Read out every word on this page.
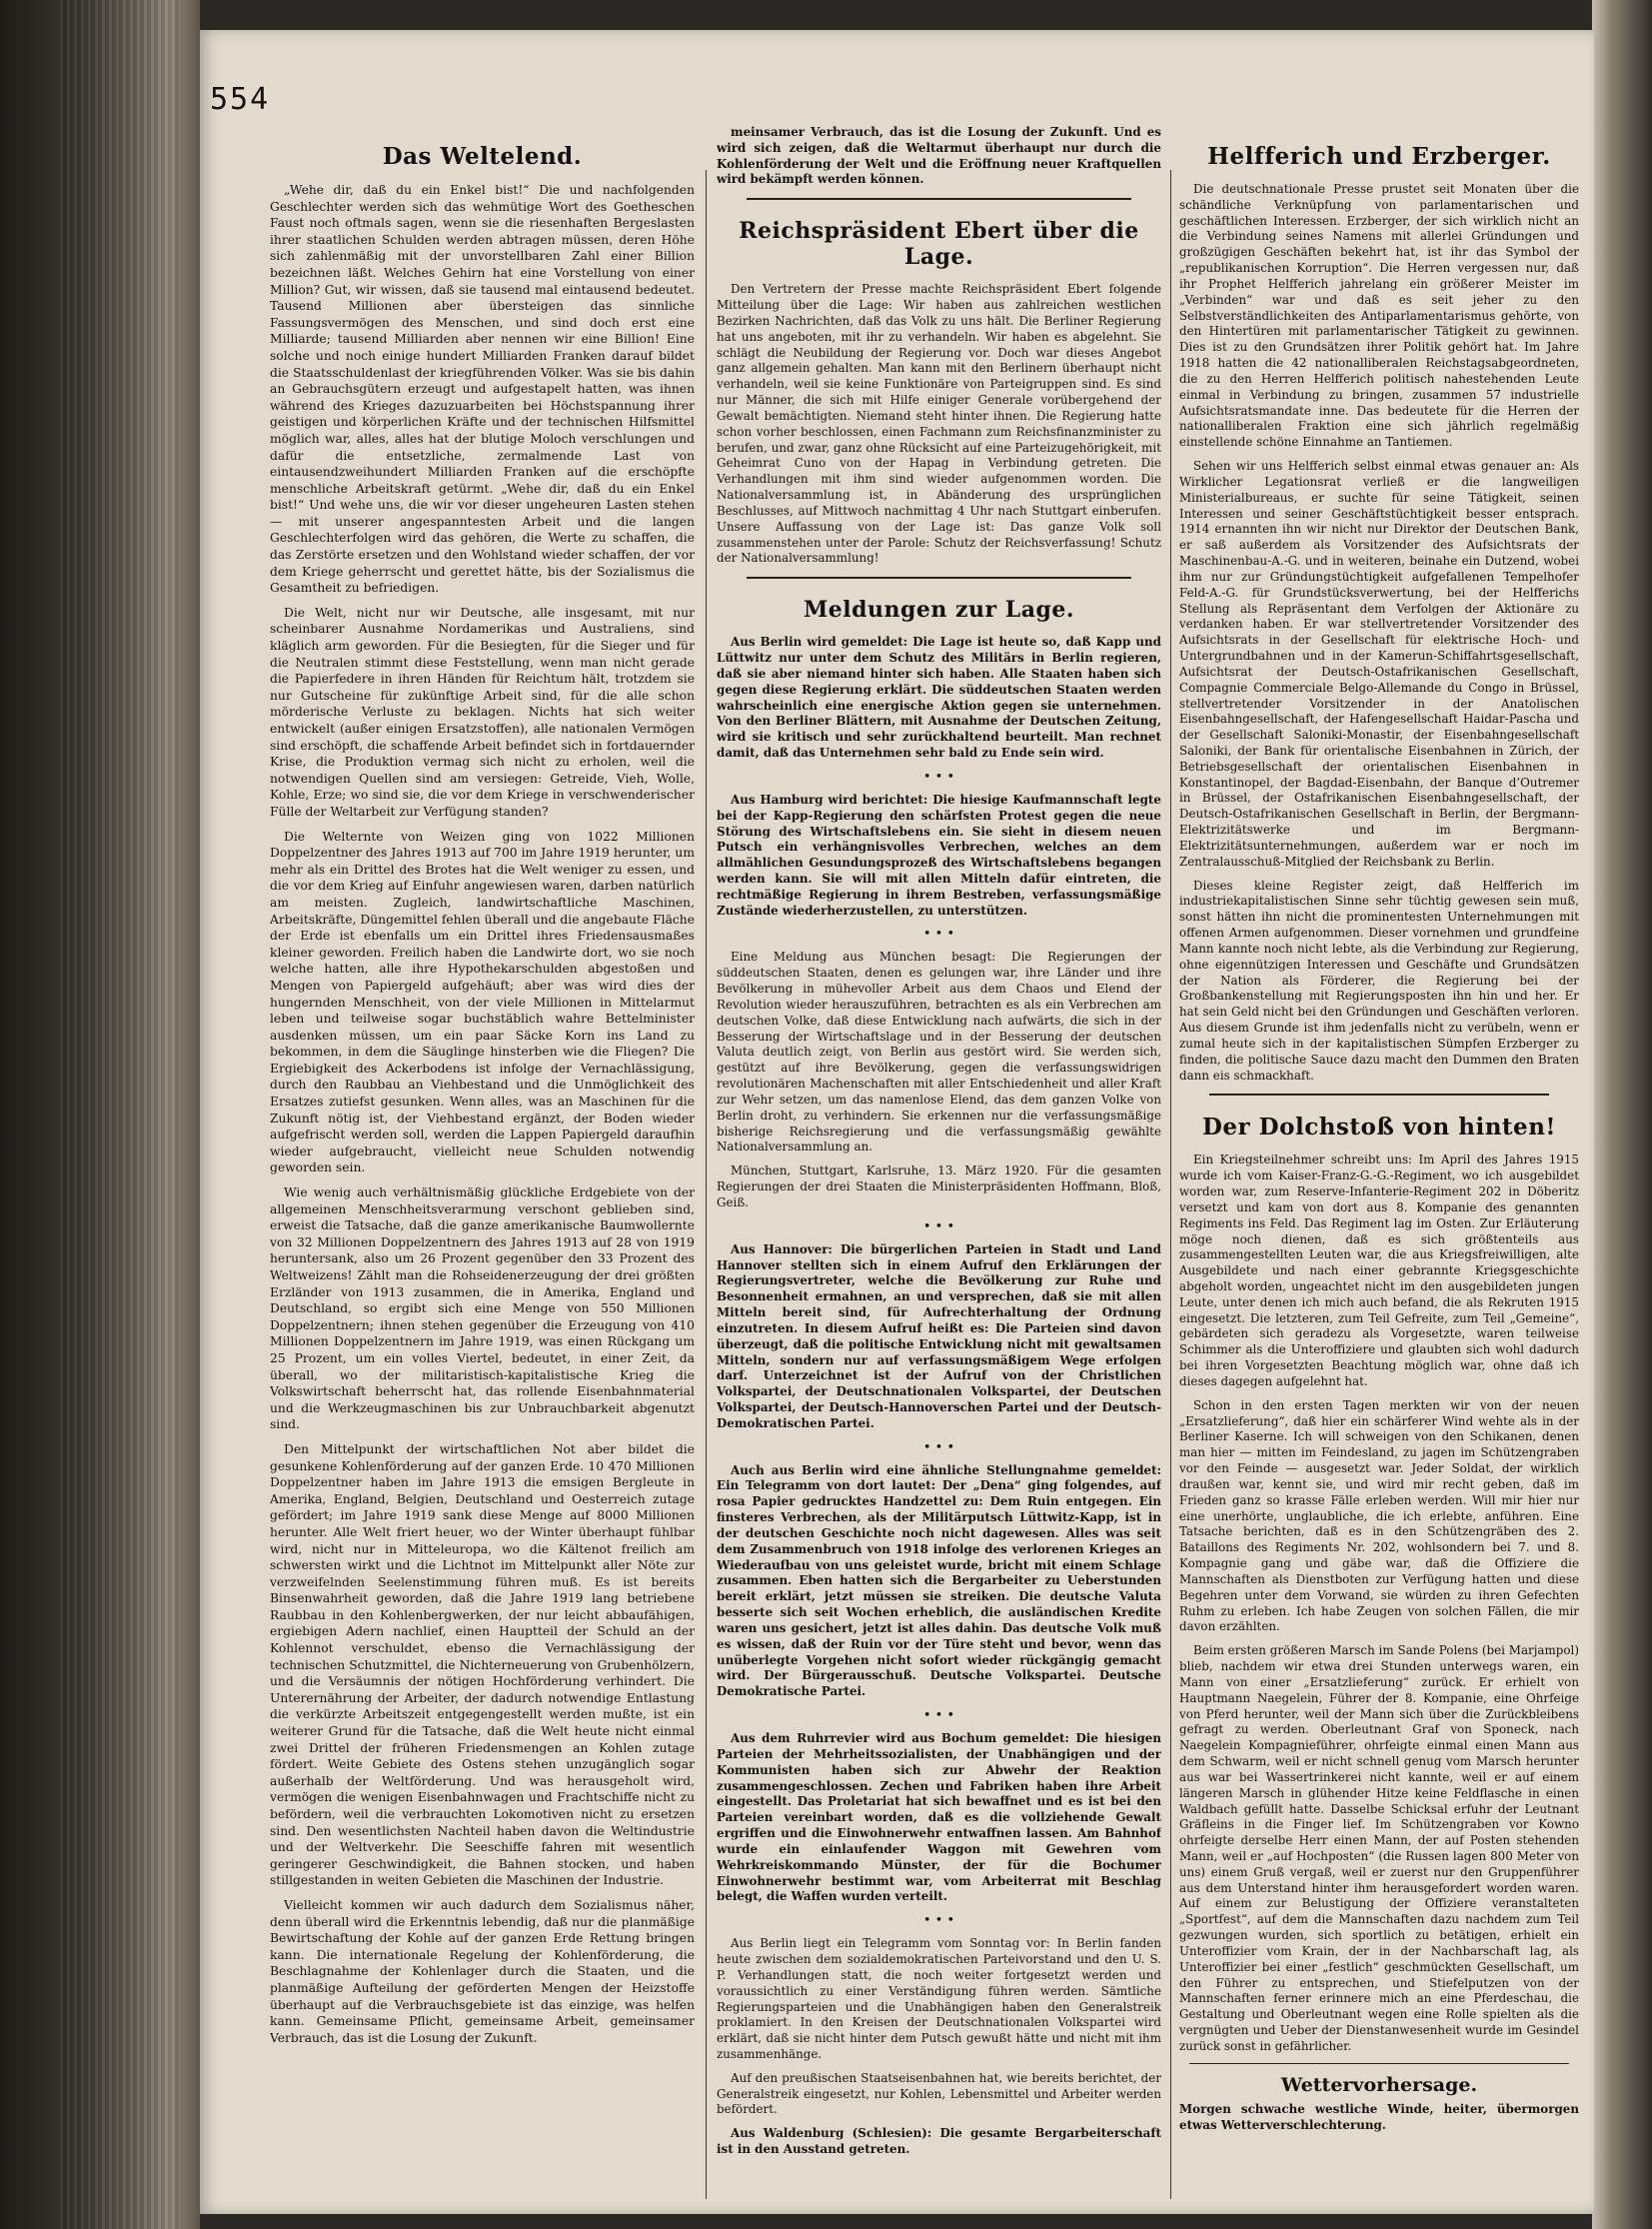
554
Das Weltelend.

„Wehe dir, daß du ein Enkel bist!“ Die und nachfolgenden Geschlechter werden sich das wehmütige Wort des Goetheschen Faust noch oftmals sagen, wenn sie die riesenhaften Bergeslasten ihrer staatlichen Schulden werden abtragen müssen, deren Höhe sich zahlenmäßig mit der unvorstellbaren Zahl einer Billion bezeichnen läßt. Welches Gehirn hat eine Vorstellung von einer Million? Gut, wir wissen, daß sie tausend mal eintausend bedeutet. Tausend Millionen aber übersteigen das sinnliche Fassungsvermögen des Menschen, und sind doch erst eine Milliarde; tausend Milliarden aber nennen wir eine Billion! Eine solche und noch einige hundert Milliarden Franken darauf bildet die Staatsschuldenlast der kriegführenden Völker. Was sie bis dahin an Gebrauchsgütern erzeugt und aufgestapelt hatten, was ihnen während des Krieges dazuzuarbeiten bei Höchstspannung ihrer geistigen und körperlichen Kräfte und der technischen Hilfsmittel möglich war, alles, alles hat der blutige Moloch verschlungen und dafür die entsetzliche, zermalmende Last von eintausendzweihundert Milliarden Franken auf die erschöpfte menschliche Arbeitskraft getürmt. „Wehe dir, daß du ein Enkel bist!“ Und wehe uns, die wir vor dieser ungeheuren Lasten stehen — mit unserer angespanntesten Arbeit und die langen Geschlechterfolgen wird das gehören, die Werte zu schaffen, die das Zerstörte ersetzen und den Wohlstand wieder schaffen, der vor dem Kriege geherrscht und gerettet hätte, bis der Sozialismus die Gesamtheit zu befriedigen.

Die Welt, nicht nur wir Deutsche, alle insgesamt, mit nur scheinbarer Ausnahme Nordamerikas und Australiens, sind kläglich arm geworden. Für die Besiegten, für die Sieger und für die Neutralen stimmt diese Feststellung, wenn man nicht gerade die Papierfedere in ihren Händen für Reichtum hält, trotzdem sie nur Gutscheine für zukünftige Arbeit sind, für die alle schon mörderische Verluste zu beklagen. Nichts hat sich weiter entwickelt (außer einigen Ersatzstoffen), alle nationalen Vermögen sind erschöpft, die schaffende Arbeit befindet sich in fortdauernder Krise, die Produktion vermag sich nicht zu erholen, weil die notwendigen Quellen sind am versiegen: Getreide, Vieh, Wolle, Kohle, Erze; wo sind sie, die vor dem Kriege in verschwenderischer Fülle der Weltarbeit zur Verfügung standen?

Die Welternte von Weizen ging von 1022 Millionen Doppelzentner des Jahres 1913 auf 700 im Jahre 1919 herunter, um mehr als ein Drittel des Brotes hat die Welt weniger zu essen, und die vor dem Krieg auf Einfuhr angewiesen waren, darben natürlich am meisten. Zugleich, landwirtschaftliche Maschinen, Arbeitskräfte, Düngemittel fehlen überall und die angebaute Fläche der Erde ist ebenfalls um ein Drittel ihres Friedensausmaßes kleiner geworden. Freilich haben die Landwirte dort, wo sie noch welche hatten, alle ihre Hypothekarschulden abgestoßen und Mengen von Papiergeld aufgehäuft; aber was wird dies der hungernden Menschheit, von der viele Millionen in Mittelarmut leben und teilweise sogar buchstäblich wahre Bettelminister ausdenken müssen, um ein paar Säcke Korn ins Land zu bekommen, in dem die Säuglinge hinsterben wie die Fliegen? Die Ergiebigkeit des Ackerbodens ist infolge der Vernachlässigung, durch den Raubbau an Viehbestand und die Unmöglichkeit des Ersatzes zutiefst gesunken. Wenn alles, was an Maschinen für die Zukunft nötig ist, der Viehbestand ergänzt, der Boden wieder aufgefrischt werden soll, werden die Lappen Papiergeld daraufhin wieder aufgebraucht, vielleicht neue Schulden notwendig geworden sein.

Wie wenig auch verhältnismäßig glückliche Erdgebiete von der allgemeinen Menschheitsverarmung verschont geblieben sind, erweist die Tatsache, daß die ganze amerikanische Baumwollernte von 32 Millionen Doppelzentnern des Jahres 1913 auf 28 von 1919 heruntersank, also um 26 Prozent gegenüber den 33 Prozent des Weltweizens! Zählt man die Rohseidenerzeugung der drei größten Erzländer von 1913 zusammen, die in Amerika, England und Deutschland, so ergibt sich eine Menge von 550 Millionen Doppelzentnern; ihnen stehen gegenüber die Erzeugung von 410 Millionen Doppelzentnern im Jahre 1919, was einen Rückgang um 25 Prozent, um ein volles Viertel, bedeutet, in einer Zeit, da überall, wo der militaristisch-kapitalistische Krieg die Volkswirtschaft beherrscht hat, das rollende Eisenbahnmaterial und die Werkzeugmaschinen bis zur Unbrauchbarkeit abgenutzt sind.

Den Mittelpunkt der wirtschaftlichen Not aber bildet die gesunkene Kohlenförderung auf der ganzen Erde. 10 470 Millionen Doppelzentner haben im Jahre 1913 die emsigen Bergleute in Amerika, England, Belgien, Deutschland und Oesterreich zutage gefördert; im Jahre 1919 sank diese Menge auf 8000 Millionen herunter. Alle Welt friert heuer, wo der Winter überhaupt fühlbar wird, nicht nur in Mitteleuropa, wo die Kältenot freilich am schwersten wirkt und die Lichtnot im Mittelpunkt aller Nöte zur verzweifelnden Seelenstimmung führen muß. Es ist bereits Binsenwahrheit geworden, daß die Jahre 1919 lang betriebene Raubbau in den Kohlenbergwerken, der nur leicht abbaufähigen, ergiebigen Adern nachlief, einen Hauptteil der Schuld an der Kohlennot verschuldet, ebenso die Vernachlässigung der technischen Schutzmittel, die Nichterneuerung von Grubenhölzern, und die Versäumnis der nötigen Hochförderung verhindert. Die Unterernährung der Arbeiter, der dadurch notwendige Entlastung die verkürzte Arbeitszeit entgegengestellt werden mußte, ist ein weiterer Grund für die Tatsache, daß die Welt heute nicht einmal zwei Drittel der früheren Friedensmengen an Kohlen zutage fördert. Weite Gebiete des Ostens stehen unzugänglich sogar außerhalb der Weltförderung. Und was herausgeholt wird, vermögen die wenigen Eisenbahnwagen und Frachtschiffe nicht zu befördern, weil die verbrauchten Lokomotiven nicht zu ersetzen sind. Den wesentlichsten Nachteil haben davon die Weltindustrie und der Weltverkehr. Die Seeschiffe fahren mit wesentlich geringerer Geschwindigkeit, die Bahnen stocken, und haben stillgestanden in weiten Gebieten die Maschinen der Industrie.

Vielleicht kommen wir auch dadurch dem Sozialismus näher, denn überall wird die Erkenntnis lebendig, daß nur die planmäßige Bewirtschaftung der Kohle auf der ganzen Erde Rettung bringen kann. Die internationale Regelung der Kohlenförderung, die Beschlagnahme der Kohlenlager durch die Staaten, und die planmäßige Aufteilung der geförderten Mengen der Heizstoffe überhaupt auf die Verbrauchsgebiete ist das einzige, was helfen kann. Gemeinsame Pflicht, gemeinsame Arbeit, gemeinsamer Verbrauch, das ist die Losung der Zukunft.

meinsamer Verbrauch, das ist die Losung der Zukunft. Und es wird sich zeigen, daß die Weltarmut überhaupt nur durch die Kohlenförderung der Welt und die Eröffnung neuer Kraftquellen wird bekämpft werden können.

Reichspräsident Ebert über die Lage.

Den Vertretern der Presse machte Reichspräsident Ebert folgende Mitteilung über die Lage: Wir haben aus zahlreichen westlichen Bezirken Nachrichten, daß das Volk zu uns hält. Die Berliner Regierung hat uns angeboten, mit ihr zu verhandeln. Wir haben es abgelehnt. Sie schlägt die Neubildung der Regierung vor. Doch war dieses Angebot ganz allgemein gehalten. Man kann mit den Berlinern überhaupt nicht verhandeln, weil sie keine Funktionäre von Parteigruppen sind. Es sind nur Männer, die sich mit Hilfe einiger Generale vorübergehend der Gewalt bemächtigten. Niemand steht hinter ihnen. Die Regierung hatte schon vorher beschlossen, einen Fachmann zum Reichsfinanzminister zu berufen, und zwar, ganz ohne Rücksicht auf eine Parteizugehörigkeit, mit Geheimrat Cuno von der Hapag in Verbindung getreten. Die Verhandlungen mit ihm sind wieder aufgenommen worden. Die Nationalversammlung ist, in Abänderung des ursprünglichen Beschlusses, auf Mittwoch nachmittag 4 Uhr nach Stuttgart einberufen. Unsere Auffassung von der Lage ist: Das ganze Volk soll zusammenstehen unter der Parole: Schutz der Reichsverfassung! Schutz der Nationalversammlung!

Meldungen zur Lage.

Aus Berlin wird gemeldet: Die Lage ist heute so, daß Kapp und Lüttwitz nur unter dem Schutz des Militärs in Berlin regieren, daß sie aber niemand hinter sich haben. Alle Staaten haben sich gegen diese Regierung erklärt. Die süddeutschen Staaten werden wahrscheinlich eine energische Aktion gegen sie unternehmen. Von den Berliner Blättern, mit Ausnahme der Deutschen Zeitung, wird sie kritisch und sehr zurückhaltend beurteilt. Man rechnet damit, daß das Unternehmen sehr bald zu Ende sein wird.

• • •

Aus Hamburg wird berichtet: Die hiesige Kaufmannschaft legte bei der Kapp-Regierung den schärfsten Protest gegen die neue Störung des Wirtschaftslebens ein. Sie sieht in diesem neuen Putsch ein verhängnisvolles Verbrechen, welches an dem allmählichen Gesundungsprozeß des Wirtschaftslebens begangen werden kann. Sie will mit allen Mitteln dafür eintreten, die rechtmäßige Regierung in ihrem Bestreben, verfassungsmäßige Zustände wiederherzustellen, zu unterstützen.

• • •

Eine Meldung aus München besagt: Die Regierungen der süddeutschen Staaten, denen es gelungen war, ihre Länder und ihre Bevölkerung in mühevoller Arbeit aus dem Chaos und Elend der Revolution wieder herauszuführen, betrachten es als ein Verbrechen am deutschen Volke, daß diese Entwicklung nach aufwärts, die sich in der Besserung der Wirtschaftslage und in der Besserung der deutschen Valuta deutlich zeigt, von Berlin aus gestört wird. Sie werden sich, gestützt auf ihre Bevölkerung, gegen die verfassungswidrigen revolutionären Machenschaften mit aller Entschiedenheit und aller Kraft zur Wehr setzen, um das namenlose Elend, das dem ganzen Volke von Berlin droht, zu verhindern. Sie erkennen nur die verfassungsmäßige bisherige Reichsregierung und die verfassungsmäßig gewählte Nationalversammlung an.

München, Stuttgart, Karlsruhe, 13. März 1920. Für die gesamten Regierungen der drei Staaten die Ministerpräsidenten Hoffmann, Bloß, Geiß.

• • •

Aus Hannover: Die bürgerlichen Parteien in Stadt und Land Hannover stellten sich in einem Aufruf den Erklärungen der Regierungsvertreter, welche die Bevölkerung zur Ruhe und Besonnenheit ermahnen, an und versprechen, daß sie mit allen Mitteln bereit sind, für Aufrechterhaltung der Ordnung einzutreten. In diesem Aufruf heißt es: Die Parteien sind davon überzeugt, daß die politische Entwicklung nicht mit gewaltsamen Mitteln, sondern nur auf verfassungsmäßigem Wege erfolgen darf. Unterzeichnet ist der Aufruf von der Christlichen Volkspartei, der Deutschnationalen Volkspartei, der Deutschen Volkspartei, der Deutsch-Hannoverschen Partei und der Deutsch-Demokratischen Partei.

• • •

Auch aus Berlin wird eine ähnliche Stellungnahme gemeldet: Ein Telegramm von dort lautet: Der „Dena“ ging folgendes, auf rosa Papier gedrucktes Handzettel zu: Dem Ruin entgegen. Ein finsteres Verbrechen, als der Militärputsch Lüttwitz-Kapp, ist in der deutschen Geschichte noch nicht dagewesen. Alles was seit dem Zusammenbruch von 1918 infolge des verlorenen Krieges an Wiederaufbau von uns geleistet wurde, bricht mit einem Schlage zusammen. Eben hatten sich die Bergarbeiter zu Ueberstunden bereit erklärt, jetzt müssen sie streiken. Die deutsche Valuta besserte sich seit Wochen erheblich, die ausländischen Kredite waren uns gesichert, jetzt ist alles dahin. Das deutsche Volk muß es wissen, daß der Ruin vor der Türe steht und bevor, wenn das unüberlegte Vorgehen nicht sofort wieder rückgängig gemacht wird. Der Bürgerausschuß. Deutsche Volkspartei. Deutsche Demokratische Partei.

• • •

Aus dem Ruhrrevier wird aus Bochum gemeldet: Die hiesigen Parteien der Mehrheitssozialisten, der Unabhängigen und der Kommunisten haben sich zur Abwehr der Reaktion zusammengeschlossen. Zechen und Fabriken haben ihre Arbeit eingestellt. Das Proletariat hat sich bewaffnet und es ist bei den Parteien vereinbart worden, daß es die vollziehende Gewalt ergriffen und die Einwohnerwehr entwaffnen lassen. Am Bahnhof wurde ein einlaufender Waggon mit Gewehren vom Wehrkreiskommando Münster, der für die Bochumer Einwohnerwehr bestimmt war, vom Arbeiterrat mit Beschlag belegt, die Waffen wurden verteilt.

• • •

Aus Berlin liegt ein Telegramm vom Sonntag vor: In Berlin fanden heute zwischen dem sozialdemokratischen Parteivorstand und den U. S. P. Verhandlungen statt, die noch weiter fortgesetzt werden und voraussichtlich zu einer Verständigung führen werden. Sämtliche Regierungsparteien und die Unabhängigen haben den Generalstreik proklamiert. In den Kreisen der Deutschnationalen Volkspartei wird erklärt, daß sie nicht hinter dem Putsch gewußt hätte und nicht mit ihm zusammenhänge.

Auf den preußischen Staatseisenbahnen hat, wie bereits berichtet, der Generalstreik eingesetzt, nur Kohlen, Lebensmittel und Arbeiter werden befördert.

Aus Waldenburg (Schlesien): Die gesamte Bergarbeiterschaft ist in den Ausstand getreten.

Helfferich und Erzberger.

Die deutschnationale Presse prustet seit Monaten über die schändliche Verknüpfung von parlamentarischen und geschäftlichen Interessen. Erzberger, der sich wirklich nicht an die Verbindung seines Namens mit allerlei Gründungen und großzügigen Geschäften bekehrt hat, ist ihr das Symbol der „republikanischen Korruption“. Die Herren vergessen nur, daß ihr Prophet Helfferich jahrelang ein größerer Meister im „Verbinden“ war und daß es seit jeher zu den Selbstverständlichkeiten des Antiparlamentarismus gehörte, von den Hintertüren mit parlamentarischer Tätigkeit zu gewinnen. Dies ist zu den Grundsätzen ihrer Politik gehört hat. Im Jahre 1918 hatten die 42 nationalliberalen Reichstagsabgeordneten, die zu den Herren Helfferich politisch nahestehenden Leute einmal in Verbindung zu bringen, zusammen 57 industrielle Aufsichtsratsmandate inne. Das bedeutete für die Herren der nationalliberalen Fraktion eine sich jährlich regelmäßig einstellende schöne Einnahme an Tantiemen.

Sehen wir uns Helfferich selbst einmal etwas genauer an: Als Wirklicher Legationsrat verließ er die langweiligen Ministerialbureaus, er suchte für seine Tätigkeit, seinen Interessen und seiner Geschäftstüchtigkeit besser entsprach. 1914 ernannten ihn wir nicht nur Direktor der Deutschen Bank, er saß außerdem als Vorsitzender des Aufsichtsrats der Maschinenbau-A.-G. und in weiteren, beinahe ein Dutzend, wobei ihm nur zur Gründungstüchtigkeit aufgefallenen Tempelhofer Feld-A.-G. für Grundstücksverwertung, bei der Helfferichs Stellung als Repräsentant dem Verfolgen der Aktionäre zu verdanken haben. Er war stellvertretender Vorsitzender des Aufsichtsrats in der Gesellschaft für elektrische Hoch- und Untergrundbahnen und in der Kamerun-Schiffahrtsgesellschaft, Aufsichtsrat der Deutsch-Ostafrikanischen Gesellschaft, Compagnie Commerciale Belgo-Allemande du Congo in Brüssel, stellvertretender Vorsitzender in der Anatolischen Eisenbahngesellschaft, der Hafengesellschaft Haidar-Pascha und der Gesellschaft Saloniki-Monastir, der Eisenbahngesellschaft Saloniki, der Bank für orientalische Eisenbahnen in Zürich, der Betriebsgesellschaft der orientalischen Eisenbahnen in Konstantinopel, der Bagdad-Eisenbahn, der Banque d’Outremer in Brüssel, der Ostafrikanischen Eisenbahngesellschaft, der Deutsch-Ostafrikanischen Gesellschaft in Berlin, der Bergmann-Elektrizitätswerke und im Bergmann-Elektrizitätsunternehmungen, außerdem war er noch im Zentralausschuß-Mitglied der Reichsbank zu Berlin.

Dieses kleine Register zeigt, daß Helfferich im industriekapitalistischen Sinne sehr tüchtig gewesen sein muß, sonst hätten ihn nicht die prominentesten Unternehmungen mit offenen Armen aufgenommen. Dieser vornehmen und grundfeine Mann kannte noch nicht lebte, als die Verbindung zur Regierung, ohne eigennützigen Interessen und Geschäfte und Grundsätzen der Nation als Förderer, die Regierung bei der Großbankenstellung mit Regierungsposten ihn hin und her. Er hat sein Geld nicht bei den Gründungen und Geschäften verloren. Aus diesem Grunde ist ihm jedenfalls nicht zu verübeln, wenn er zumal heute sich in der kapitalistischen Sümpfen Erzberger zu finden, die politische Sauce dazu macht den Dummen den Braten dann eis schmackhaft.

Der Dolchstoß von hinten!

Ein Kriegsteilnehmer schreibt uns: Im April des Jahres 1915 wurde ich vom Kaiser-Franz-G.-G.-Regiment, wo ich ausgebildet worden war, zum Reserve-Infanterie-Regiment 202 in Döberitz versetzt und kam von dort aus 8. Kompanie des genannten Regiments ins Feld. Das Regiment lag im Osten. Zur Erläuterung möge noch dienen, daß es sich größtenteils aus zusammengestellten Leuten war, die aus Kriegsfreiwilligen, alte Ausgebildete und nach einer gebrannte Kriegsgeschichte abgeholt worden, ungeachtet nicht im den ausgebildeten jungen Leute, unter denen ich mich auch befand, die als Rekruten 1915 eingesetzt. Die letzteren, zum Teil Gefreite, zum Teil „Gemeine“, gebärdeten sich geradezu als Vorgesetzte, waren teilweise Schimmer als die Unteroffiziere und glaubten sich wohl dadurch bei ihren Vorgesetzten Beachtung möglich war, ohne daß ich dieses dagegen aufgelehnt hat.

Schon in den ersten Tagen merkten wir von der neuen „Ersatzlieferung“, daß hier ein schärferer Wind wehte als in der Berliner Kaserne. Ich will schweigen von den Schikanen, denen man hier — mitten im Feindesland, zu jagen im Schützengraben vor den Feinde — ausgesetzt war. Jeder Soldat, der wirklich draußen war, kennt sie, und wird mir recht geben, daß im Frieden ganz so krasse Fälle erleben werden. Will mir hier nur eine unerhörte, unglaubliche, die ich erlebte, anführen. Eine Tatsache berichten, daß es in den Schützengräben des 2. Bataillons des Regiments Nr. 202, wohlsondern bei 7. und 8. Kompagnie gang und gäbe war, daß die Offiziere die Mannschaften als Dienstboten zur Verfügung hatten und diese Begehren unter dem Vorwand, sie würden zu ihren Gefechten Ruhm zu erleben. Ich habe Zeugen von solchen Fällen, die mir davon erzählten.

Beim ersten größeren Marsch im Sande Polens (bei Marjampol) blieb, nachdem wir etwa drei Stunden unterwegs waren, ein Mann von einer „Ersatzlieferung“ zurück. Er erhielt von Hauptmann Naegelein, Führer der 8. Kompanie, eine Ohrfeige von Pferd herunter, weil der Mann sich über die Zurückbleibens gefragt zu werden. Oberleutnant Graf von Sponeck, nach Naegelein Kompagnieführer, ohrfeigte einmal einen Mann aus dem Schwarm, weil er nicht schnell genug vom Marsch herunter aus war bei Wassertrinkerei nicht kannte, weil er auf einem längeren Marsch in glühender Hitze keine Feldflasche in einen Waldbach gefüllt hatte. Dasselbe Schicksal erfuhr der Leutnant Gräfleins in die Finger lief. Im Schützengraben vor Kowno ohrfeigte derselbe Herr einen Mann, der auf Posten stehenden Mann, weil er „auf Hochposten“ (die Russen lagen 800 Meter von uns) einem Gruß vergaß, weil er zuerst nur den Gruppenführer aus dem Unterstand hinter ihm herausgefordert worden waren. Auf einem zur Belustigung der Offiziere veranstalteten „Sportfest“, auf dem die Mannschaften dazu nachdem zum Teil gezwungen wurden, sich sportlich zu betätigen, erhielt ein Unteroffizier vom Krain, der in der Nachbarschaft lag, als Unteroffizier bei einer „festlich“ geschmückten Gesellschaft, um den Führer zu entsprechen, und Stiefelputzen von der Mannschaften ferner erinnere mich an eine Pferdeschau, die Gestaltung und Oberleutnant wegen eine Rolle spielten als die vergnügten und Ueber der Dienstanwesenheit wurde im Gesindel zurück sonst in gefährlicher.

Wettervorhersage.
Morgen schwache westliche Winde, heiter, übermorgen etwas Wetterverschlechterung.
